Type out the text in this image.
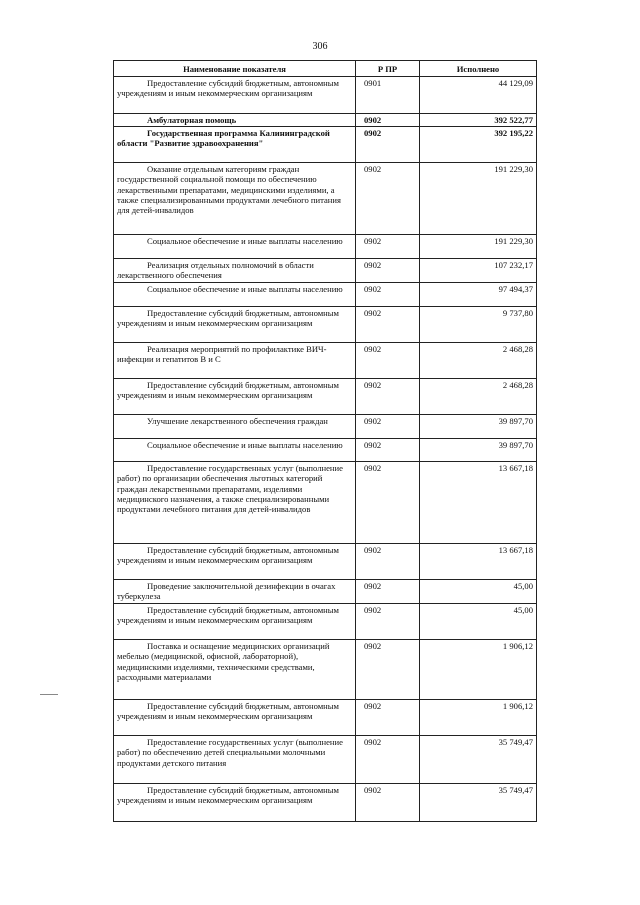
306
Наименование показателя	Р ПР	Исполнено

Предоставление субсидий бюджетным, автономным учреждениям и иным некоммерческим организациям	0901	44 129,09

Амбулаторная помощь	0902	392 522,77

Государственная программа Калининградской области "Развитие здравоохранения"	0902	392 195,22

Оказание отдельным категориям граждан государственной социальной помощи по обеспечению лекарственными препаратами, медицинскими изделиями, а также специализированными продуктами лечебного питания для детей-инвалидов	0902	191 229,30

Социальное обеспечение и иные выплаты населению	0902	191 229,30

Реализация отдельных полномочий в области лекарственного обеспечения	0902	107 232,17

Социальное обеспечение и иные выплаты населению	0902	97 494,37

Предоставление субсидий бюджетным, автономным учреждениям и иным некоммерческим организациям	0902	9 737,80

Реализация мероприятий по профилактике ВИЧ-инфекции и гепатитов В и С	0902	2 468,28

Предоставление субсидий бюджетным, автономным учреждениям и иным некоммерческим организациям	0902	2 468,28

Улучшение лекарственного обеспечения граждан	0902	39 897,70

Социальное обеспечение и иные выплаты населению	0902	39 897,70

Предоставление государственных услуг (выполнение работ) по организации обеспечения льготных категорий граждан лекарственными препаратами, изделиями медицинского назначения, а также специализированными продуктами лечебного питания для детей-инвалидов	0902	13 667,18

Предоставление субсидий бюджетным, автономным учреждениям и иным некоммерческим организациям	0902	13 667,18

Проведение заключительной дезинфекции в очагах туберкулеза	0902	45,00

Предоставление субсидий бюджетным, автономным учреждениям и иным некоммерческим организациям	0902	45,00

Поставка и оснащение медицинских организаций мебелью (медицинской, офисной, лабораторной), медицинскими изделиями, техническими средствами, расходными материалами	0902	1 906,12

Предоставление субсидий бюджетным, автономным учреждениям и иным некоммерческим организациям	0902	1 906,12

Предоставление государственных услуг (выполнение работ) по обеспечению детей специальными молочными продуктами детского питания	0902	35 749,47

Предоставление субсидий бюджетным, автономным учреждениям и иным некоммерческим организациям	0902	35 749,47
